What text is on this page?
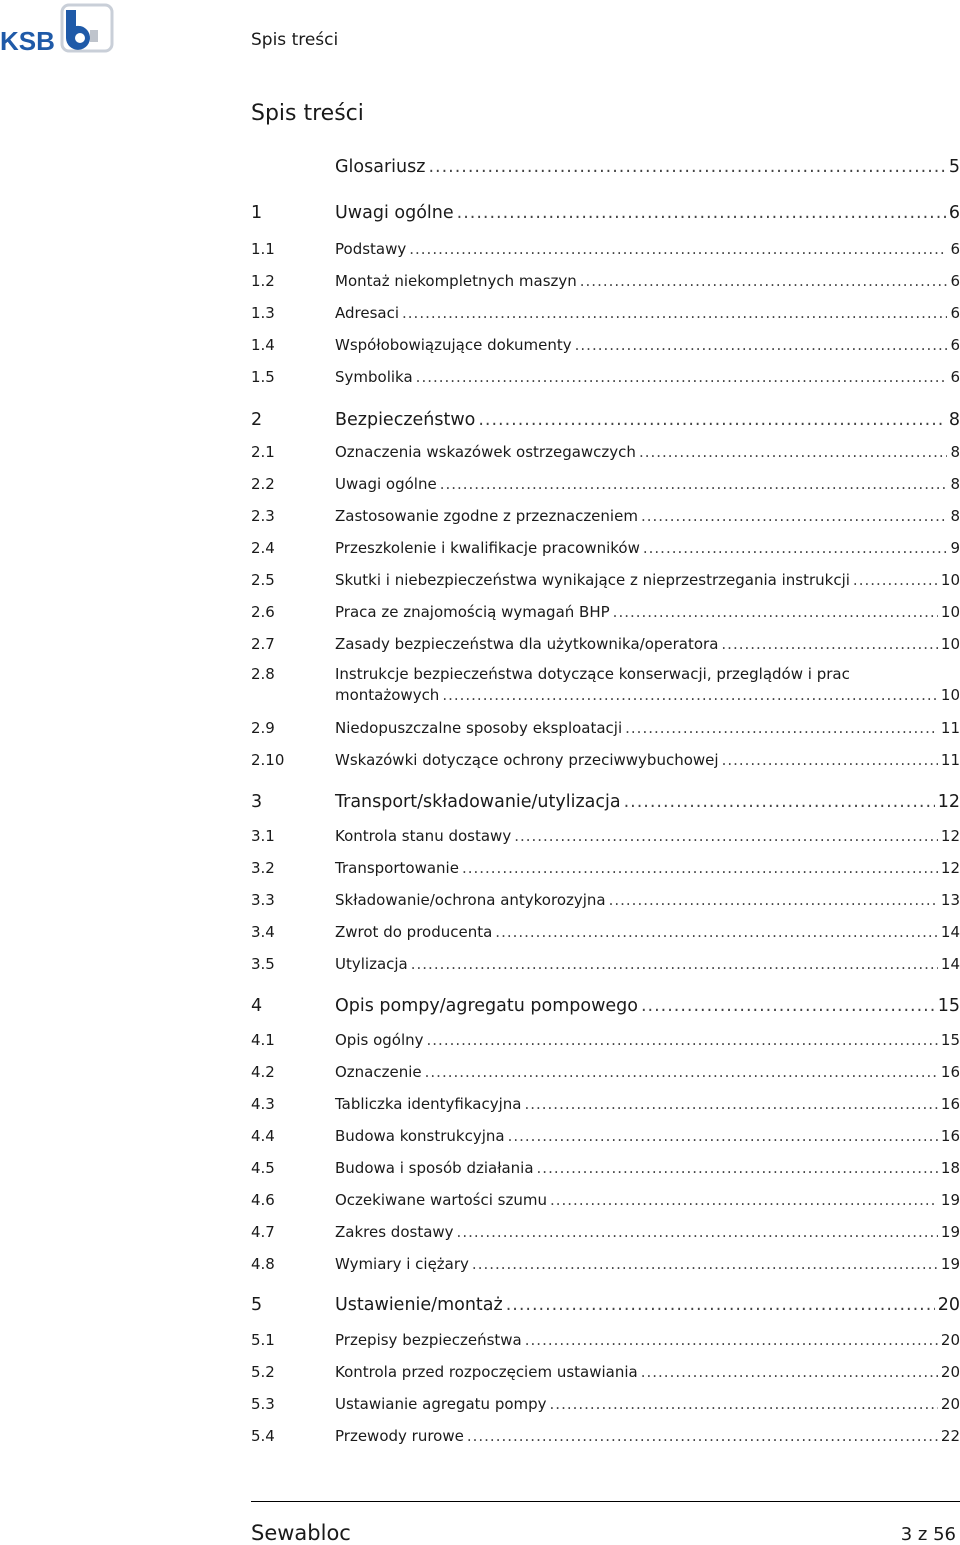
KSB	Spis treści
Spis treści
Glosariusz .....	5
1	Uwagi ogólne .....	6
1.1	Podstawy .....	6
1.2	Montaż niekompletnych maszyn .....	6
1.3	Adresaci .....	6
1.4	Współobowiązujące dokumenty .....	6
1.5	Symbolika .....	6
2	Bezpieczeństwo .....	8
2.1	Oznaczenia wskazówek ostrzegawczych .....	8
2.2	Uwagi ogólne .....	8
2.3	Zastosowanie zgodne z przeznaczeniem .....	8
2.4	Przeszkolenie i kwalifikacje pracowników .....	9
2.5	Skutki i niebezpieczeństwa wynikające z nieprzestrzegania instrukcji .....	10
2.6	Praca ze znajomością wymagań BHP .....	10
2.7	Zasady bezpieczeństwa dla użytkownika/operatora .....	10
2.8	Instrukcje bezpieczeństwa dotyczące konserwacji, przeglądów i prac
montażowych .....	10
2.9	Niedopuszczalne sposoby eksploatacji .....	11
2.10	Wskazówki dotyczące ochrony przeciwwybuchowej .....	11
3	Transport/składowanie/utylizacja .....	12
3.1	Kontrola stanu dostawy .....	12
3.2	Transportowanie .....	12
3.3	Składowanie/ochrona antykorozyjna .....	13
3.4	Zwrot do producenta .....	14
3.5	Utylizacja .....	14
4	Opis pompy/agregatu pompowego .....	15
4.1	Opis ogólny .....	15
4.2	Oznaczenie .....	16
4.3	Tabliczka identyfikacyjna .....	16
4.4	Budowa konstrukcyjna .....	16
4.5	Budowa i sposób działania .....	18
4.6	Oczekiwane wartości szumu .....	19
4.7	Zakres dostawy .....	19
4.8	Wymiary i ciężary .....	19
5	Ustawienie/montaż .....	20
5.1	Przepisy bezpieczeństwa .....	20
5.2	Kontrola przed rozpoczęciem ustawiania .....	20
5.3	Ustawianie agregatu pompy .....	20
5.4	Przewody rurowe .....	22
Sewabloc	3 z 56
